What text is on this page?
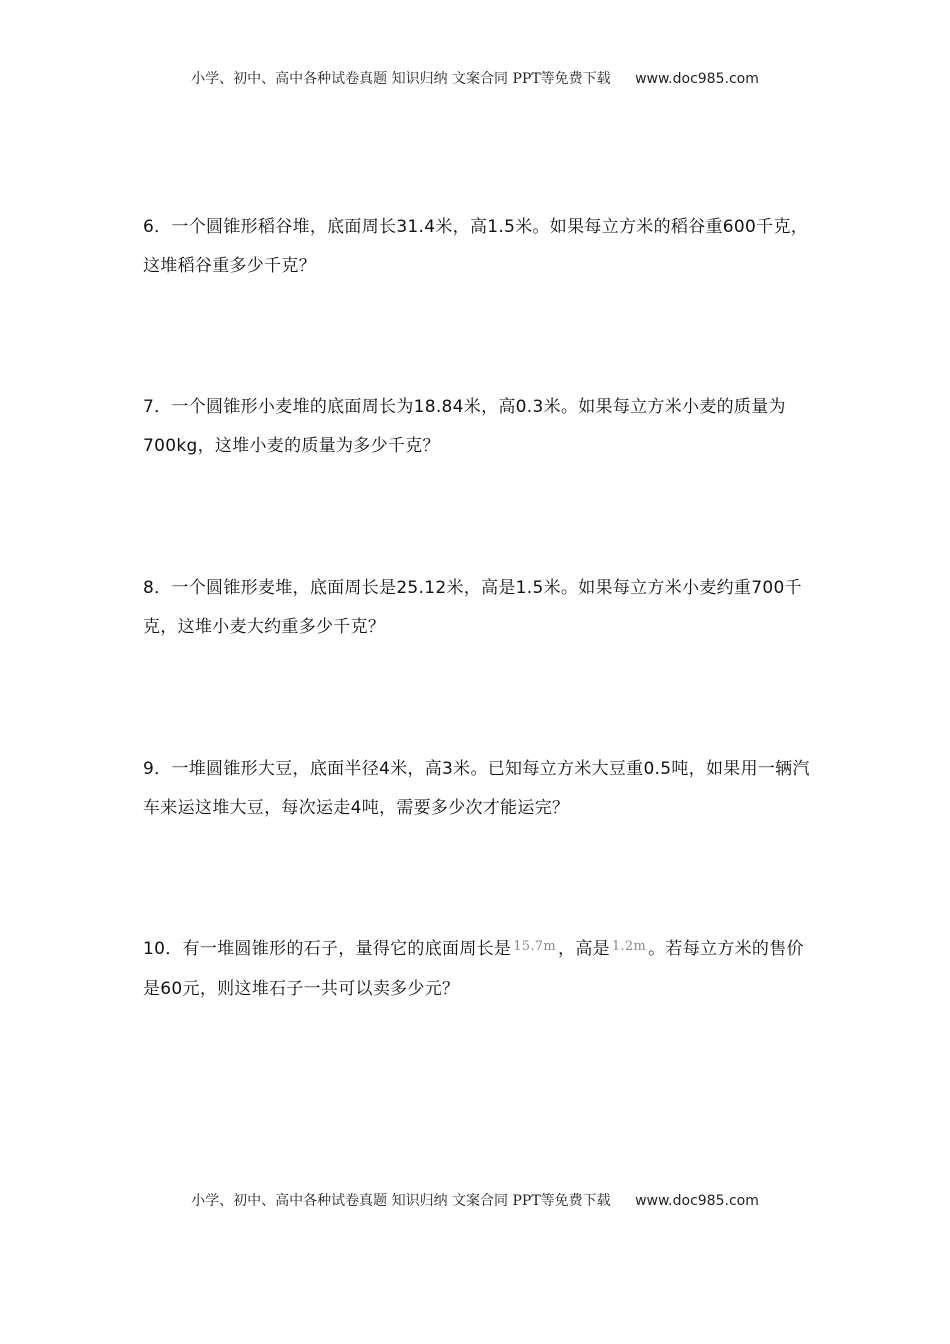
小学、初中、高中各种试卷真题 知识归纳 文案合同 PPT等免费下载 www.doc985.com
6．一个圆锥形稻谷堆，底面周长31.4米，高1.5米。如果每立方米的稻谷重600千克，这堆稻谷重多少千克？
7．一个圆锥形小麦堆的底面周长为18.84米，高0.3米。如果每立方米小麦的质量为700kg，这堆小麦的质量为多少千克？
8．一个圆锥形麦堆，底面周长是25.12米，高是1.5米。如果每立方米小麦约重700千克，这堆小麦大约重多少千克？
9．一堆圆锥形大豆，底面半径4米，高3米。已知每立方米大豆重0.5吨，如果用一辆汽车来运这堆大豆，每次运走4吨，需要多少次才能运完？
10．有一堆圆锥形的石子，量得它的底面周长是 $^{15.7m}$ ，高是 $^{1.2m}$ 。若每立方米的售价是60元，则这堆石子一共可以卖多少元？
小学、初中、高中各种试卷真题 知识归纳 文案合同 PPT等免费下载 www.doc985.com
